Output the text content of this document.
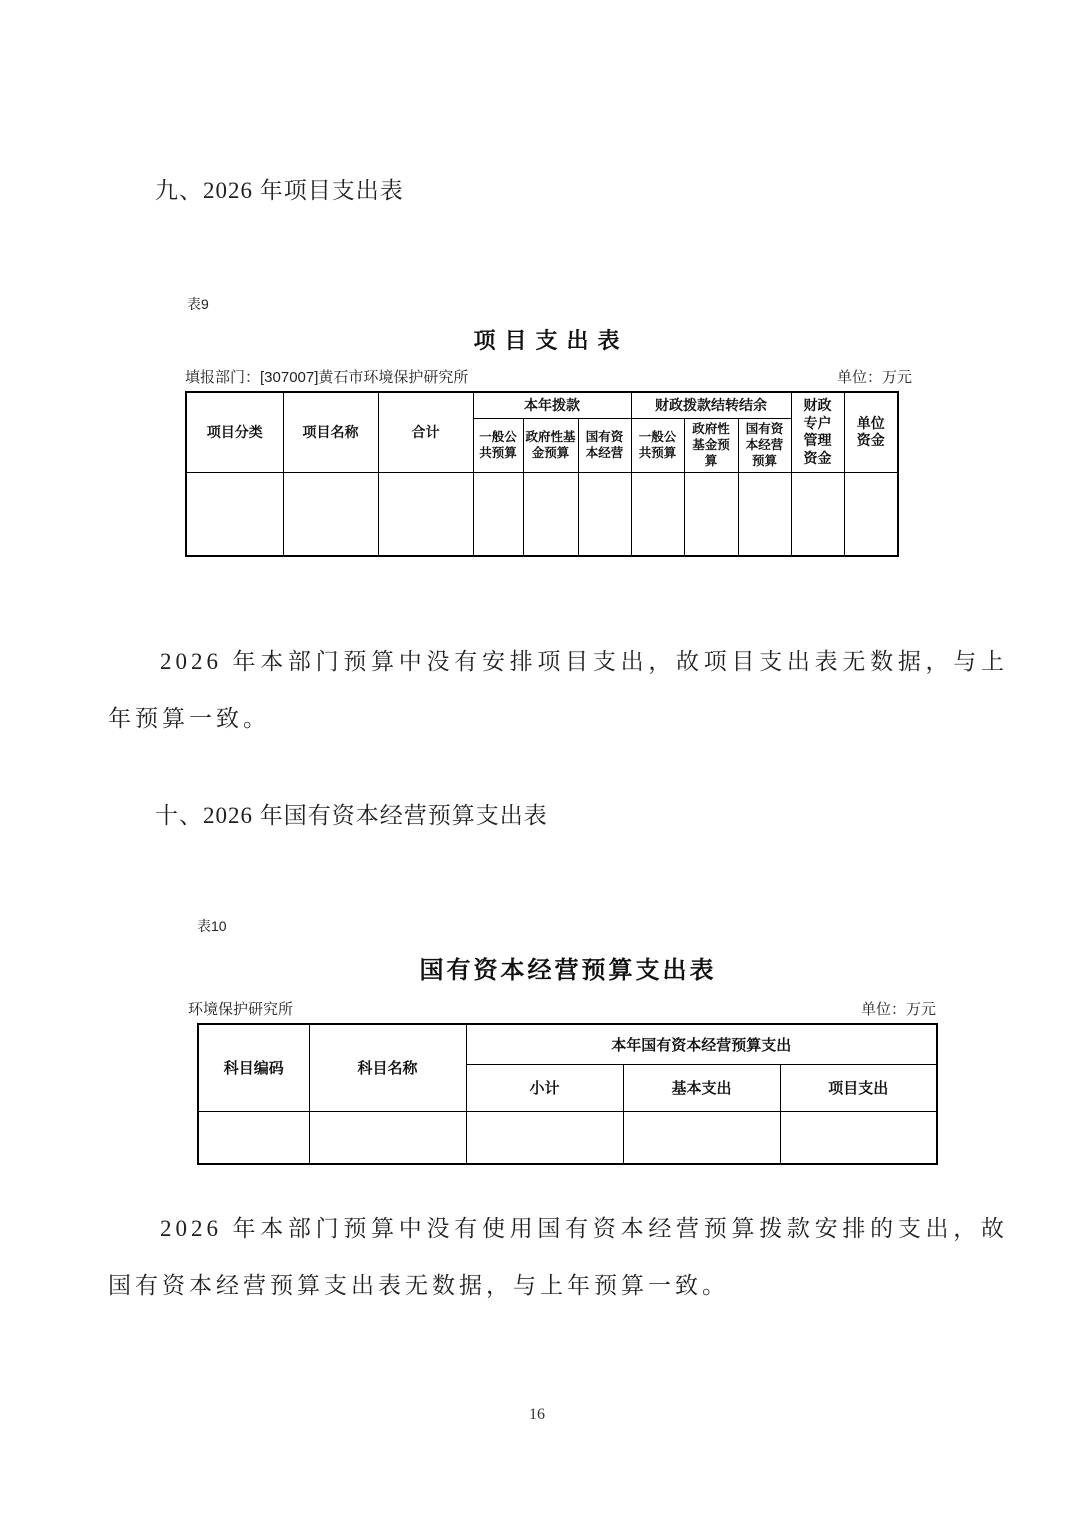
九、2026 年项目支出表
表9
项目支出表
填报部门：[307007]黄石市环境保护研究所	单位：万元
项目分类	项目名称	合计	本年拨款			财政拨款结转结余			财政专户管理资金	单位资金
			一般公共预算	政府性基金预算	国有资本经营	一般公共预算	政府性基金预算	国有资本经营预算		

2026 年本部门预算中没有安排项目支出，故项目支出表无数据，与上年预算一致。
十、2026 年国有资本经营预算支出表
表10
国有资本经营预算支出表
环境保护研究所	单位：万元
科目编码	科目名称	本年国有资本经营预算支出		
		小计	基本支出	项目支出

2026 年本部门预算中没有使用国有资本经营预算拨款安排的支出，故国有资本经营预算支出表无数据，与上年预算一致。
16
